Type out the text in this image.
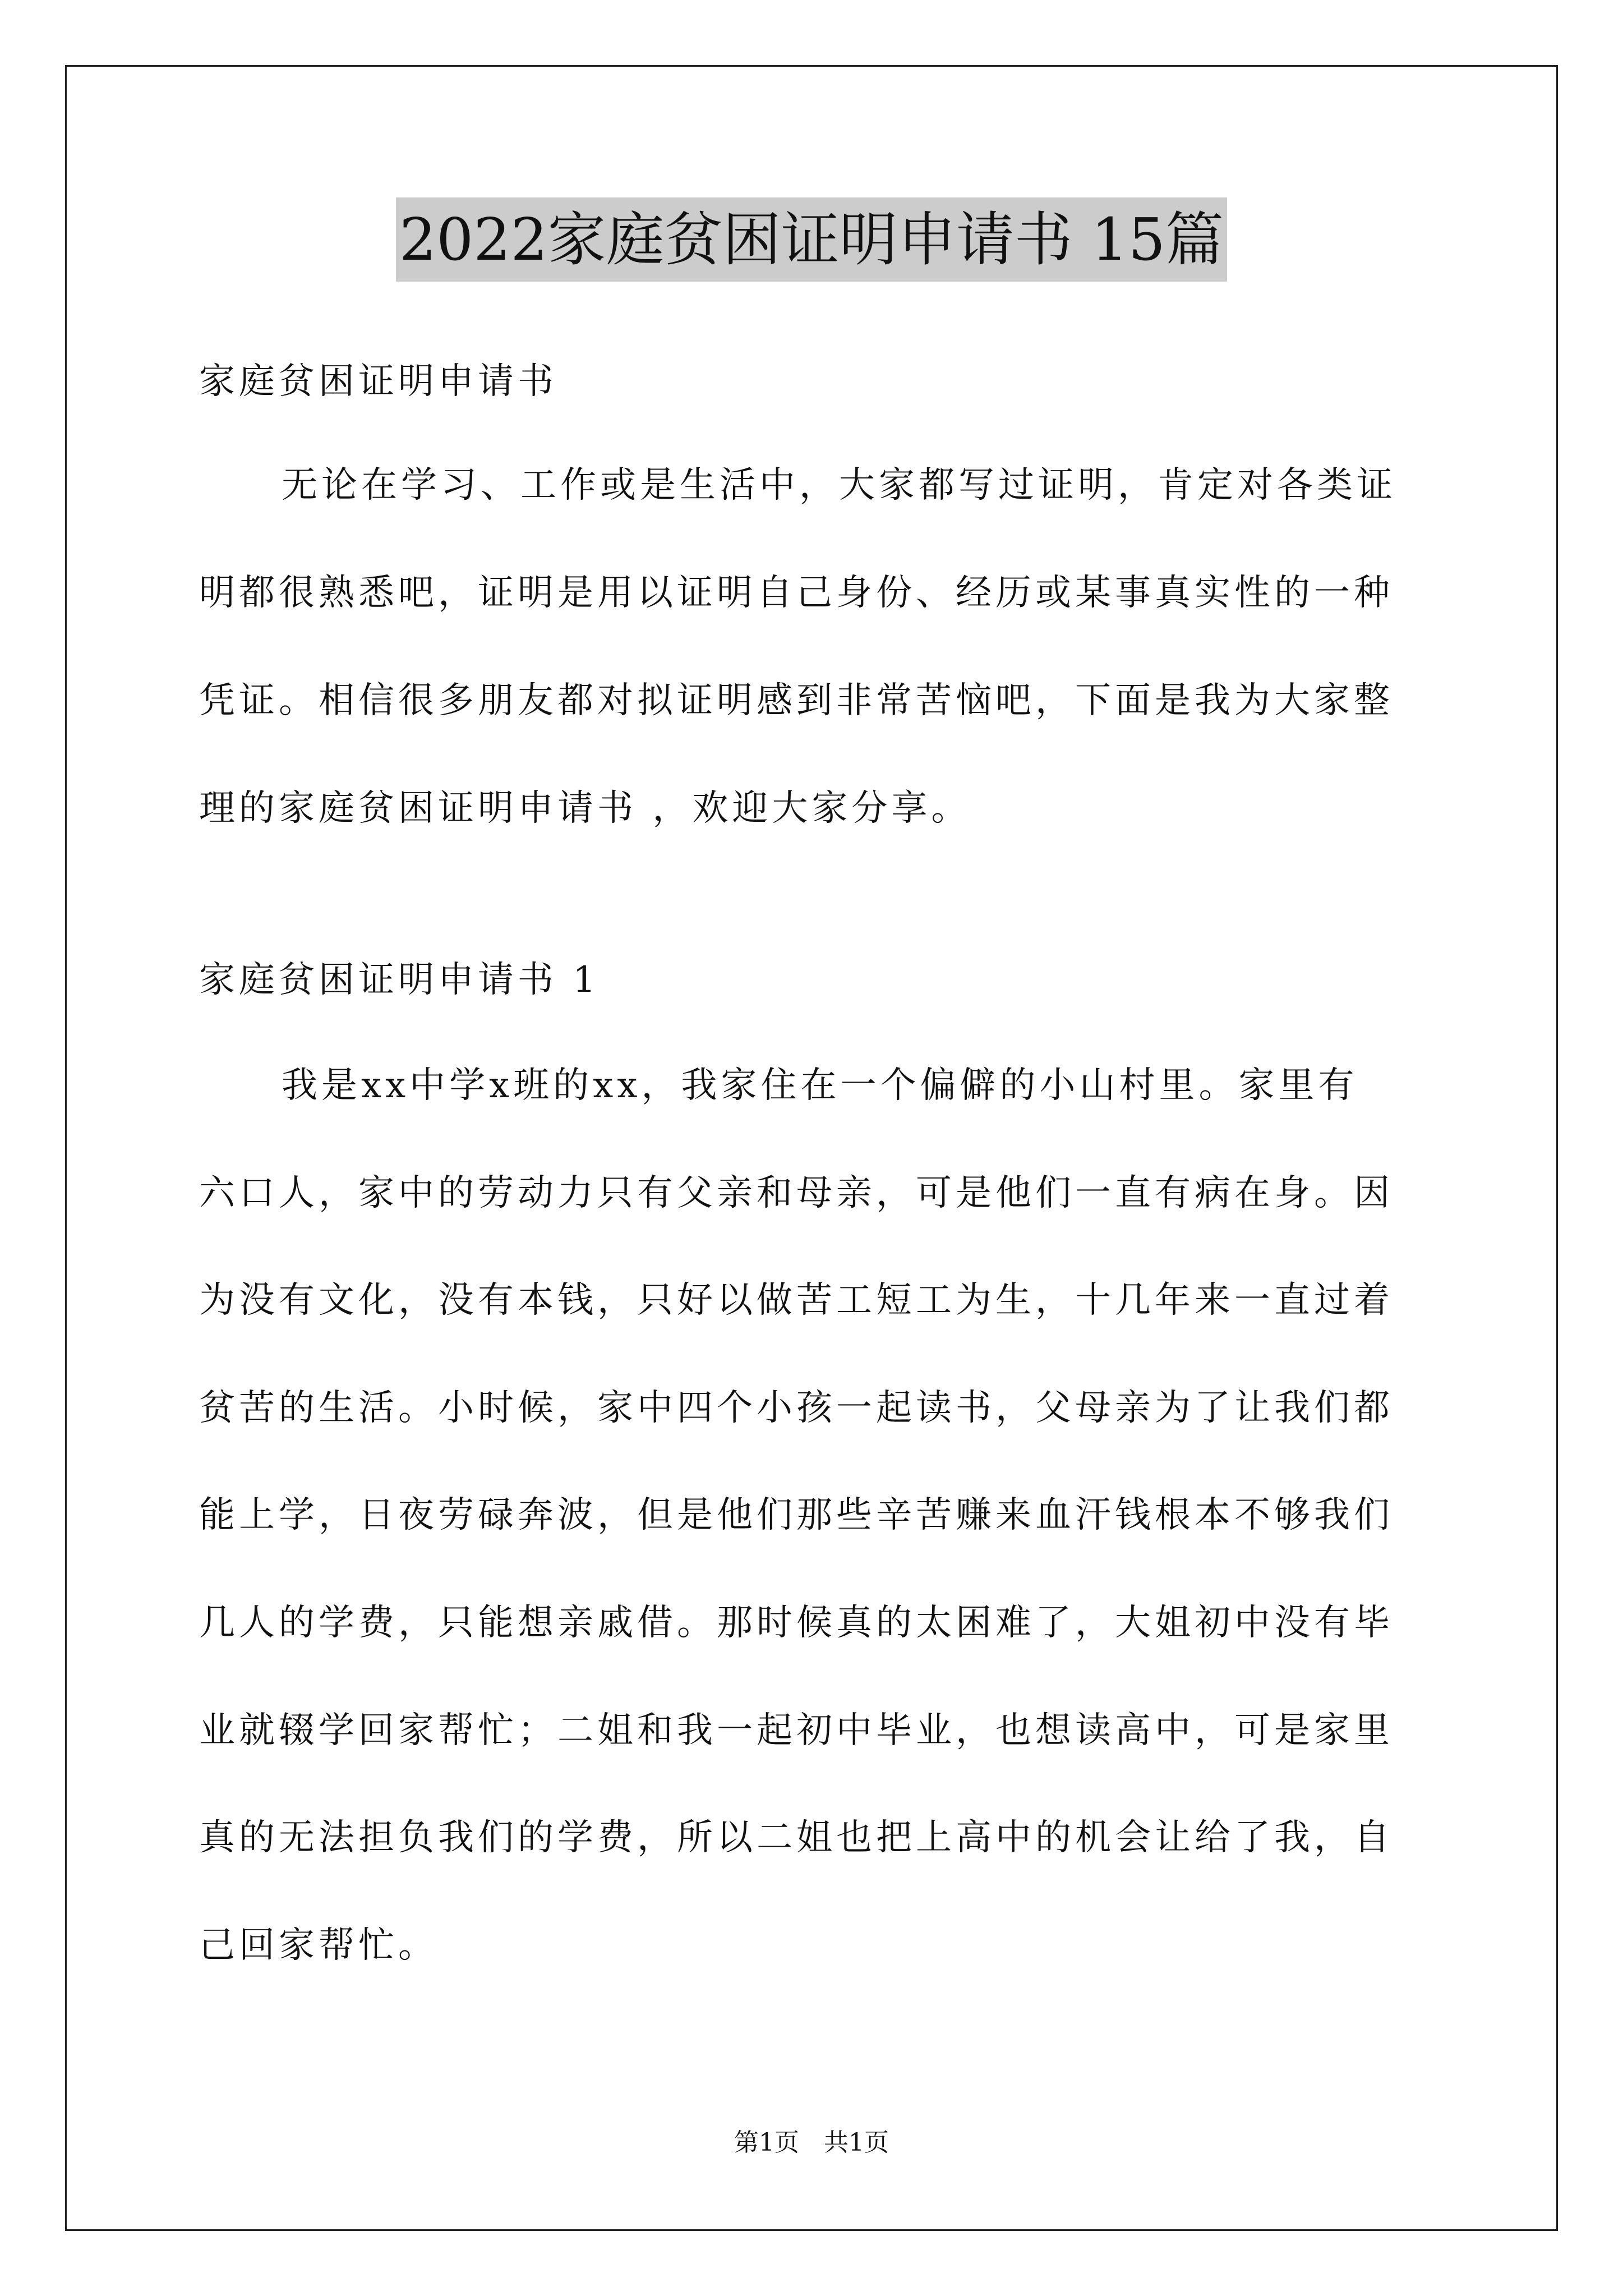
2022家庭贫困证明申请书 15篇
家庭贫困证明申请书
无论在学习、工作或是生活中，大家都写过证明，肯定对各类证
明都很熟悉吧，证明是用以证明自己身份、经历或某事真实性的一种
凭证。相信很多朋友都对拟证明感到非常苦恼吧，下面是我为大家整
理的家庭贫困证明申请书 ，欢迎大家分享。
家庭贫困证明申请书 1
我是xx中学x班的xx，我家住在一个偏僻的小山村里。家里有
六口人，家中的劳动力只有父亲和母亲，可是他们一直有病在身。因
为没有文化，没有本钱，只好以做苦工短工为生，十几年来一直过着
贫苦的生活。小时候，家中四个小孩一起读书，父母亲为了让我们都
能上学，日夜劳碌奔波，但是他们那些辛苦赚来血汗钱根本不够我们
几人的学费，只能想亲戚借。那时候真的太困难了，大姐初中没有毕
业就辍学回家帮忙；二姐和我一起初中毕业，也想读高中，可是家里
真的无法担负我们的学费，所以二姐也把上高中的机会让给了我，自
己回家帮忙。
第1页　共1页
